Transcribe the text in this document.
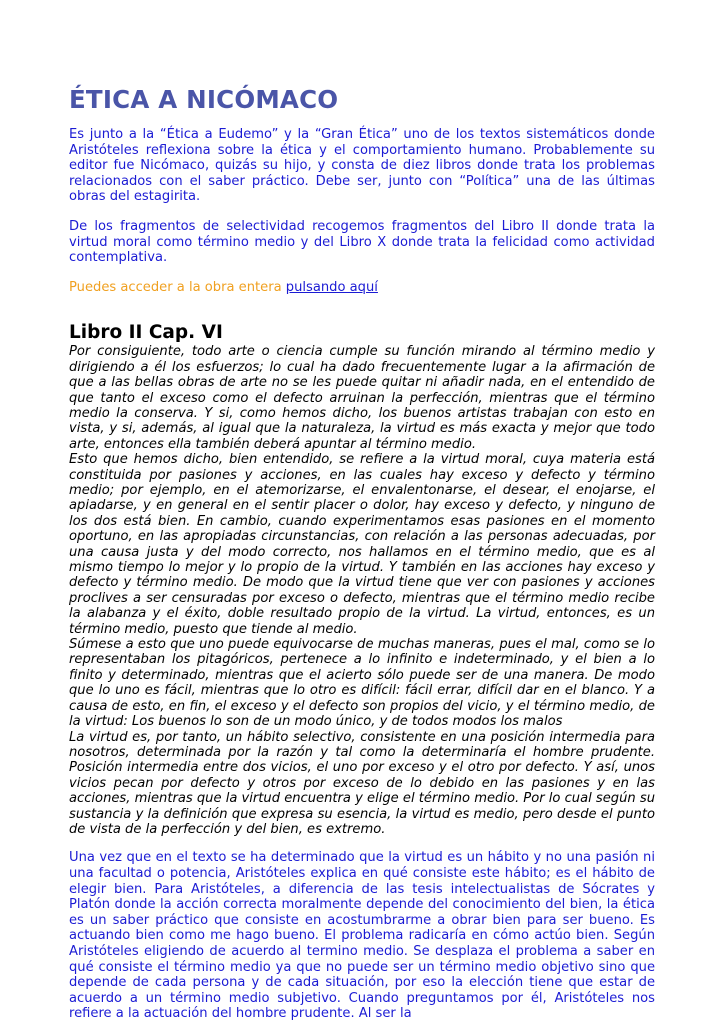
ÉTICA A NICÓMACO

Es junto a la “Ética a Eudemo” y la “Gran Ética” uno de los textos sistemáticos donde Aristóteles reflexiona sobre la ética y el comportamiento humano. Probablemente su editor fue Nicómaco, quizás su hijo, y consta de diez libros donde trata los problemas relacionados con el saber práctico. Debe ser, junto con “Política” una de las últimas obras del estagirita.

De los fragmentos de selectividad recogemos fragmentos del Libro II donde trata la virtud moral como término medio y del Libro X donde trata la felicidad como actividad contemplativa.

Puedes acceder a la obra entera pulsando aquí
Libro II Cap. VI

Por consiguiente, todo arte o ciencia cumple su función mirando al término medio y dirigiendo a él los esfuerzos; lo cual ha dado frecuentemente lugar a la afirmación de que a las bellas obras de arte no se les puede quitar ni añadir nada, en el entendido de que tanto el exceso como el defecto arruinan la perfección, mientras que el término medio la conserva. Y si, como hemos dicho, los buenos artistas trabajan con esto en vista, y si, además, al igual que la naturaleza, la virtud es más exacta y mejor que todo arte, entonces ella también deberá apuntar al término medio.

Esto que hemos dicho, bien entendido, se refiere a la virtud moral, cuya materia está constituida por pasiones y acciones, en las cuales hay exceso y defecto y término medio; por ejemplo, en el atemorizarse, el envalentonarse, el desear, el enojarse, el apiadarse, y en general en el sentir placer o dolor, hay exceso y defecto, y ninguno de los dos está bien. En cambio, cuando experimentamos esas pasiones en el momento oportuno, en las apropiadas circunstancias, con relación a las personas adecuadas, por una causa justa y del modo correcto, nos hallamos en el término medio, que es al mismo tiempo lo mejor y lo propio de la virtud. Y también en las acciones hay exceso y defecto y término medio. De modo que la virtud tiene que ver con pasiones y acciones proclives a ser censuradas por exceso o defecto, mientras que el término medio recibe la alabanza y el éxito, doble resultado propio de la virtud. La virtud, entonces, es un término medio, puesto que tiende al medio.

Súmese a esto que uno puede equivocarse de muchas maneras, pues el mal, como se lo representaban los pitagóricos, pertenece a lo infinito e indeterminado, y el bien a lo finito y determinado, mientras que el acierto sólo puede ser de una manera. De modo que lo uno es fácil, mientras que lo otro es difícil: fácil errar, difícil dar en el blanco. Y a causa de esto, en fin, el exceso y el defecto son propios del vicio, y el término medio, de la virtud: Los buenos lo son de un modo único, y de todos modos los malos

La virtud es, por tanto, un hábito selectivo, consistente en una posición intermedia para nosotros, determinada por la razón y tal como la determinaría el hombre prudente. Posición intermedia entre dos vicios, el uno por exceso y el otro por defecto. Y así, unos vicios pecan por defecto y otros por exceso de lo debido en las pasiones y en las acciones, mientras que la virtud encuentra y elige el término medio. Por lo cual según su sustancia y la definición que expresa su esencia, la virtud es medio, pero desde el punto de vista de la perfección y del bien, es extremo.

Una vez que en el texto se ha determinado que la virtud es un hábito y no una pasión ni una facultad o potencia, Aristóteles explica en qué consiste este hábito; es el hábito de elegir bien. Para Aristóteles, a diferencia de las tesis intelectualistas de Sócrates y Platón donde la acción correcta moralmente depende del conocimiento del bien, la ética es un saber práctico que consiste en acostumbrarme a obrar bien para ser bueno. Es actuando bien como me hago bueno. El problema radicaría en cómo actúo bien. Según Aristóteles eligiendo de acuerdo al termino medio. Se desplaza el problema a saber en qué consiste el término medio ya que no puede ser un término medio objetivo sino que depende de cada persona y de cada situación, por eso la elección tiene que estar de acuerdo a un término medio subjetivo. Cuando preguntamos por él, Aristóteles nos refiere a la actuación del hombre prudente. Al ser la
